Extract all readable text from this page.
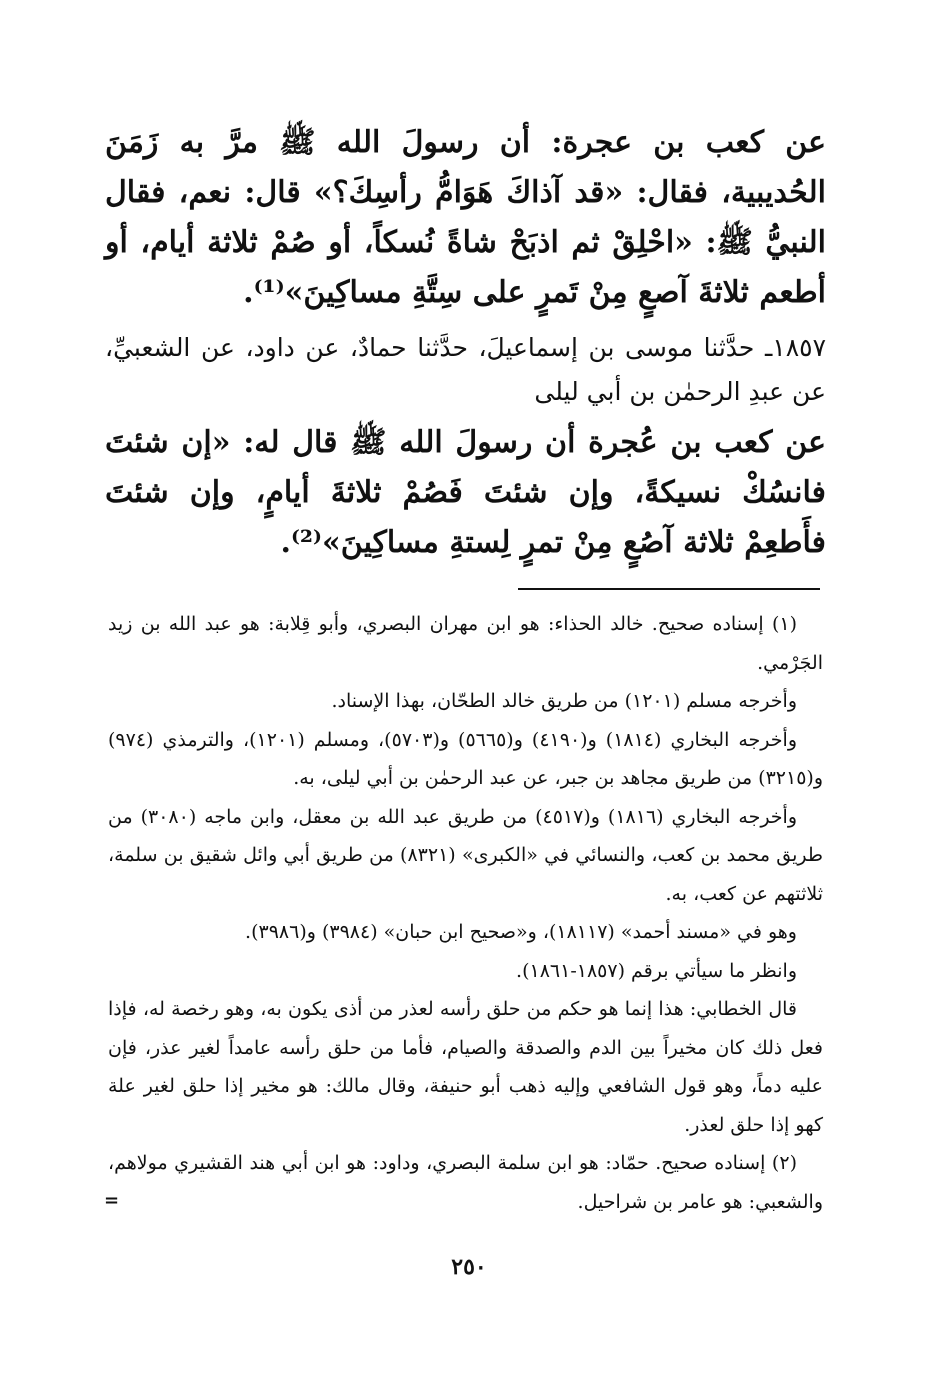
عن كعب بن عجرة: أن رسولَ الله ﷺ مرَّ به زَمَنَ الحُديبية، فقال: «قد آذاكَ هَوَامُّ رأسِكَ؟» قال: نعم، فقال النبيُّ ﷺ: «احْلِقْ ثم اذبَحْ شاةً نُسكاً، أو صُمْ ثلاثة أيام، أو أطعم ثلاثةَ آصعٍ مِنْ تَمرٍ على سِتَّةِ مساكِينَ»⁽¹⁾.

١٨٥٧ـ حدَّثنا موسى بن إسماعيلَ، حدَّثنا حمادٌ، عن داود، عن الشعبيِّ، عن عبدِ الرحمٰن بن أبي ليلى

عن كعب بن عُجرة أن رسولَ الله ﷺ قال له: «إن شئتَ فانسُكْ نسيكةً، وإن شئتَ فَصُمْ ثلاثةَ أيامٍ، وإن شئتَ فأَطعِمْ ثلاثة آصُعٍ مِنْ تمرٍ لِستةِ مساكِينَ»⁽²⁾.

(١) إسناده صحيح. خالد الحذاء: هو ابن مهران البصري، وأبو قِلابة: هو عبد الله بن زيد الجَرْمي.

وأخرجه مسلم (١٢٠١) من طريق خالد الطحّان، بهذا الإسناد.

وأخرجه البخاري (١٨١٤) و(٤١٩٠) و(٥٦٦٥) و(٥٧٠٣)، ومسلم (١٢٠١)، والترمذي (٩٧٤) و(٣٢١٥) من طريق مجاهد بن جبر، عن عبد الرحمٰن بن أبي ليلى، به.

وأخرجه البخاري (١٨١٦) و(٤٥١٧) من طريق عبد الله بن معقل، وابن ماجه (٣٠٨٠) من طريق محمد بن كعب، والنسائي في «الكبرى» (٨٣٢١) من طريق أبي وائل شقيق بن سلمة، ثلاثتهم عن كعب، به.

وهو في «مسند أحمد» (١٨١١٧)، و«صحيح ابن حبان» (٣٩٨٤) و(٣٩٨٦).

وانظر ما سيأتي برقم (١٨٥٧-١٨٦١).

قال الخطابي: هذا إنما هو حكم من حلق رأسه لعذر من أذى يكون به، وهو رخصة له، فإذا فعل ذلك كان مخيراً بين الدم والصدقة والصيام، فأما من حلق رأسه عامداً لغير عذر، فإن عليه دماً، وهو قول الشافعي وإليه ذهب أبو حنيفة، وقال مالك: هو مخير إذا حلق لغير علة كهو إذا حلق لعذر.

(٢) إسناده صحيح. حمّاد: هو ابن سلمة البصري، وداود: هو ابن أبي هند القشيري مولاهم، والشعبي: هو عامر بن شراحيل.

=
٢٥٠
